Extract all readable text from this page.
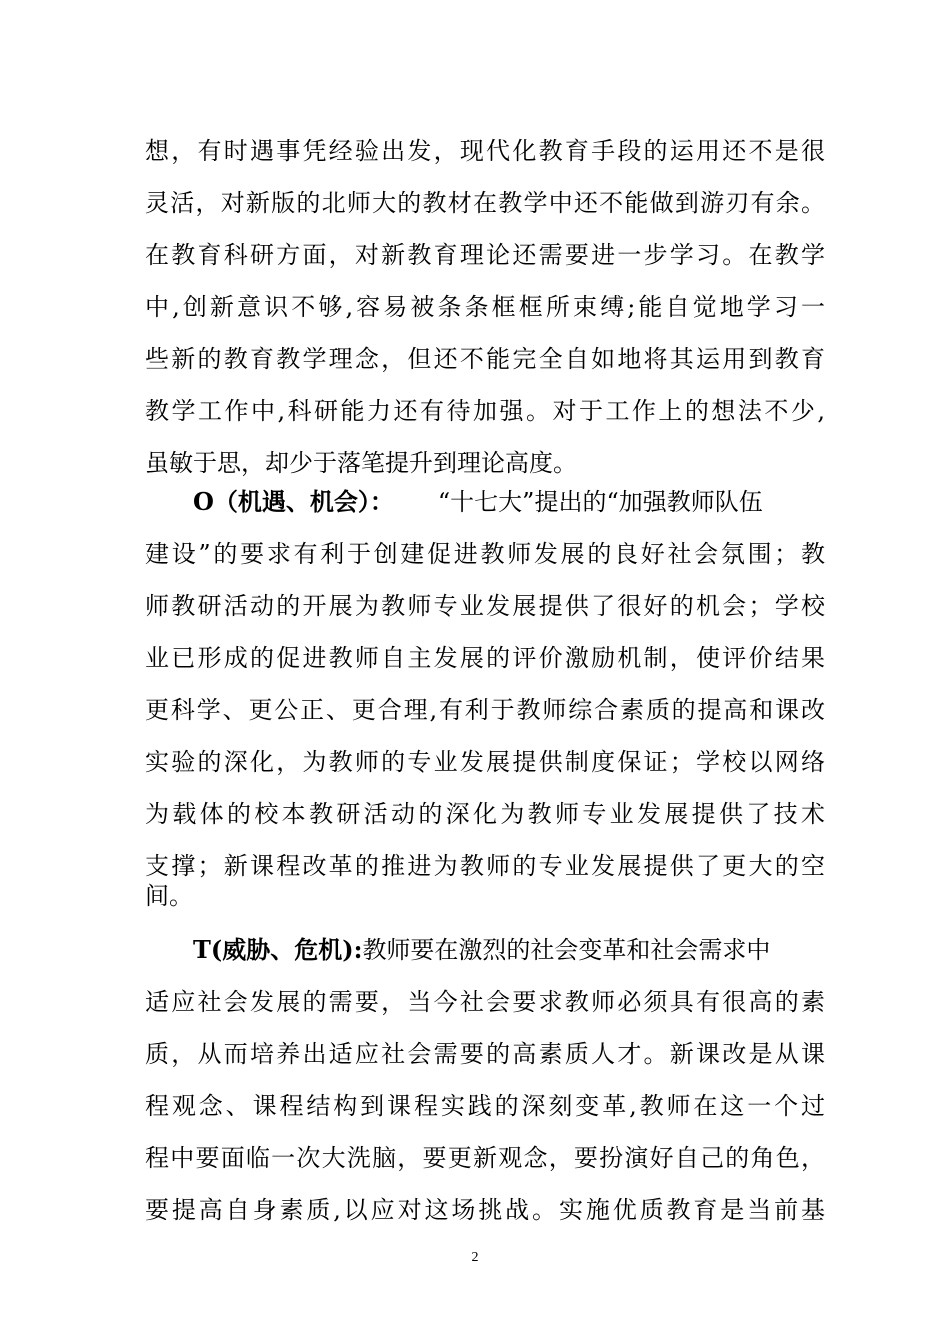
想，有时遇事凭经验出发，现代化教育手段的运用还不是很
灵活，对新版的北师大的教材在教学中还不能做到游刃有余。
在教育科研方面，对新教育理论还需要进一步学习。在教学
中,创新意识不够,容易被条条框框所束缚;能自觉地学习一
些新的教育教学理念，但还不能完全自如地将其运用到教育
教学工作中,科研能力还有待加强。对于工作上的想法不少,
虽敏于思，却少于落笔提升到理论高度。
O（机遇、机会）： “十七大”提出的“加强教师队伍
建设”的要求有利于创建促进教师发展的良好社会氛围；教
师教研活动的开展为教师专业发展提供了很好的机会；学校
业已形成的促进教师自主发展的评价激励机制，使评价结果
更科学、更公正、更合理,有利于教师综合素质的提高和课改
实验的深化，为教师的专业发展提供制度保证；学校以网络
为载体的校本教研活动的深化为教师专业发展提供了技术
支撑；新课程改革的推进为教师的专业发展提供了更大的空
间。
T(威胁、危机):教师要在激烈的社会变革和社会需求中
适应社会发展的需要，当今社会要求教师必须具有很高的素
质，从而培养出适应社会需要的高素质人才。新课改是从课
程观念、课程结构到课程实践的深刻变革,教师在这一个过
程中要面临一次大洗脑，要更新观念，要扮演好自己的角色，
要提高自身素质,以应对这场挑战。实施优质教育是当前基
2
